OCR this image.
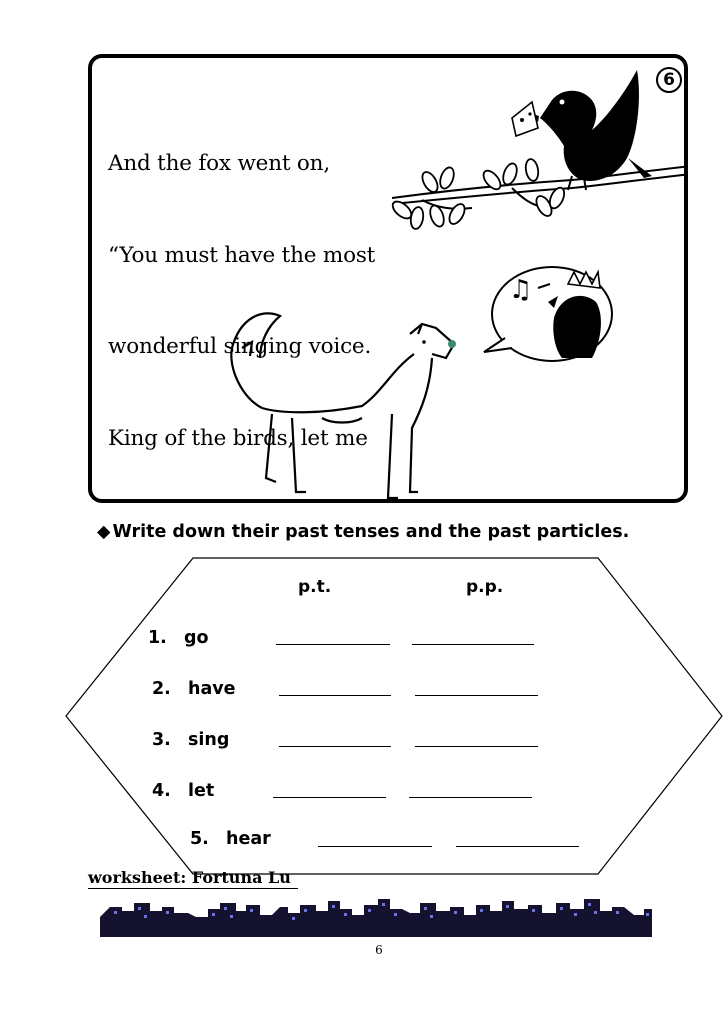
♫

And the fox went on,

“You must have the most

wonderful singing voice.

King of the birds, let me

6
◆ Write down their past tenses and the past particles.
p.t.	p.p.
1. go
2. have
3. sing
4. let
5. hear
worksheet: Fortuna Lu
6
